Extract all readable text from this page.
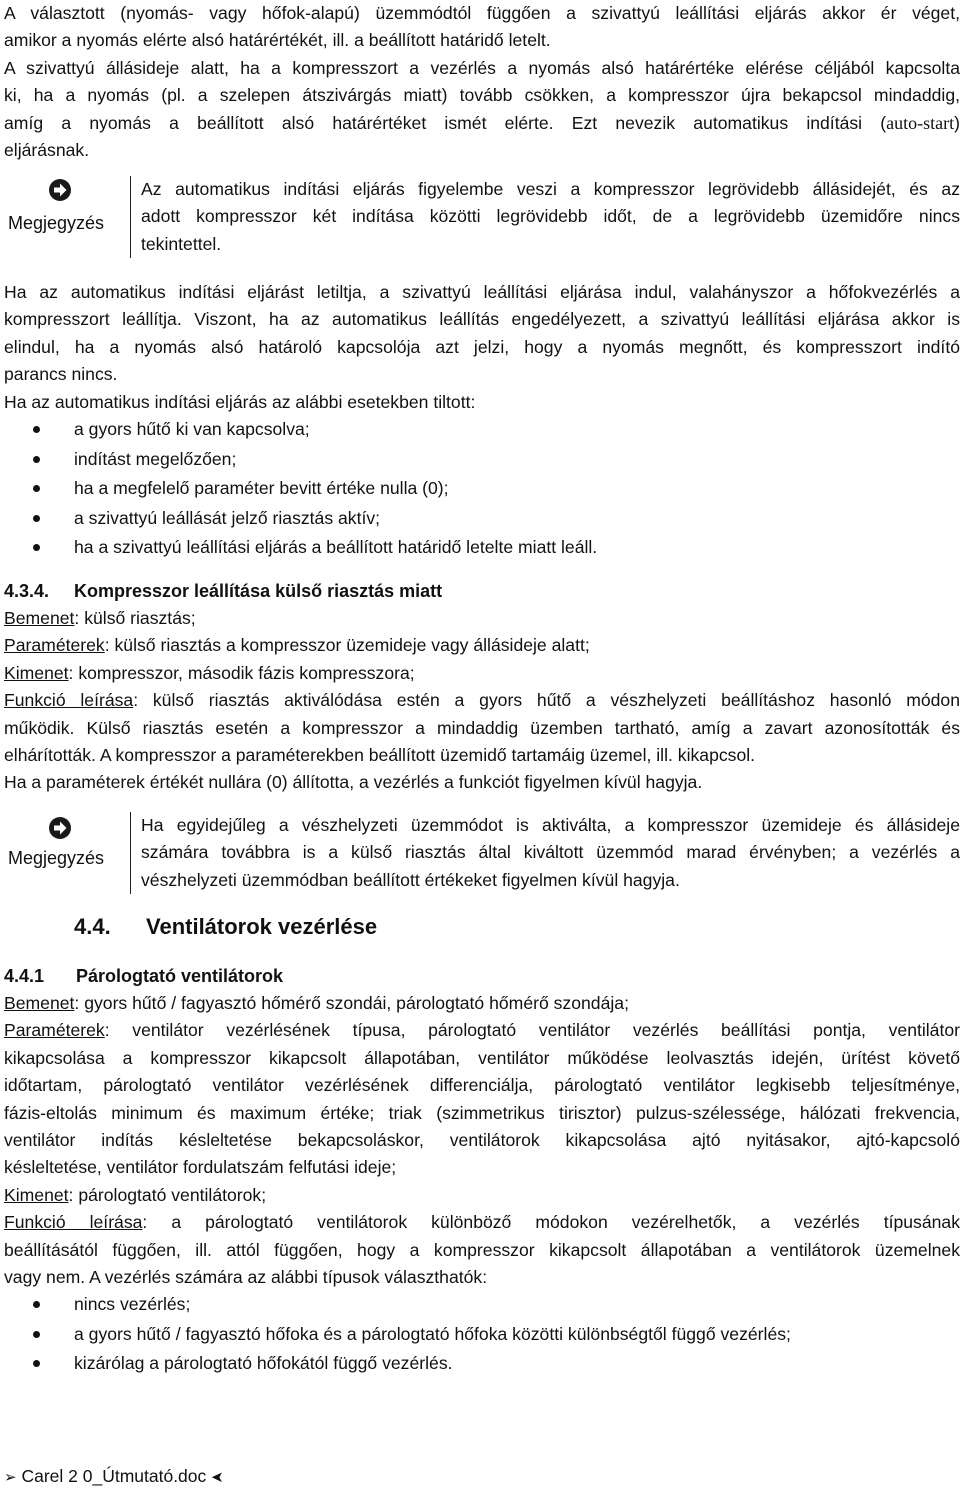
A választott (nyomás- vagy hőfok-alapú) üzemmódtól függően a szivattyú leállítási eljárás akkor ér véget,

amikor a nyomás elérte alsó határértékét, ill. a beállított határidő letelt.

A szivattyú állásideje alatt, ha a kompresszort a vezérlés a nyomás alsó határértéke elérése céljából kapcsolta

ki, ha a nyomás (pl. a szelepen átszivárgás miatt) tovább csökken, a kompresszor újra bekapcsol mindaddig,

amíg a nyomás a beállított alsó határértéket ismét elérte. Ezt nevezik automatikus indítási (auto-start)

eljárásnak.

Megjegyzés

Az automatikus indítási eljárás figyelembe veszi a kompresszor legrövidebb állásidejét, és az

adott kompresszor két indítása közötti legrövidebb időt, de a legrövidebb üzemidőre nincs

tekintettel.

Ha az automatikus indítási eljárást letiltja, a szivattyú leállítási eljárása indul, valahányszor a hőfokvezérlés a

kompresszort leállítja. Viszont, ha az automatikus leállítás engedélyezett, a szivattyú leállítási eljárása akkor is

elindul, ha a nyomás alsó határoló kapcsolója azt jelzi, hogy a nyomás megnőtt, és kompresszort indító

parancs nincs.

Ha az automatikus indítási eljárás az alábbi esetekben tiltott:

a gyors hűtő ki van kapcsolva;
indítást megelőzően;
ha a megfelelő paraméter bevitt értéke nulla (0);
a szivattyú leállását jelző riasztás aktív;
ha a szivattyú leállítási eljárás a beállított határidő letelte miatt leáll.

4.3.4. Kompresszor leállítása külső riasztás miatt

Bemenet: külső riasztás;

Paraméterek: külső riasztás a kompresszor üzemideje vagy állásideje alatt;

Kimenet: kompresszor, második fázis kompresszora;

Funkció leírása: külső riasztás aktiválódása estén a gyors hűtő a vészhelyzeti beállításhoz hasonló módon

működik. Külső riasztás esetén a kompresszor a mindaddig üzemben tartható, amíg a zavart azonosították és

elhárították. A kompresszor a paraméterekben beállított üzemidő tartamáig üzemel, ill. kikapcsol.

Ha a paraméterek értékét nullára (0) állította, a vezérlés a funkciót figyelmen kívül hagyja.

Megjegyzés

Ha egyidejűleg a vészhelyzeti üzemmódot is aktiválta, a kompresszor üzemideje és állásideje

számára továbbra is a külső riasztás által kiváltott üzemmód marad érvényben; a vezérlés a

vészhelyzeti üzemmódban beállított értékeket figyelmen kívül hagyja.

4.4. Ventilátorok vezérlése

4.4.1 Párologtató ventilátorok

Bemenet: gyors hűtő / fagyasztó hőmérő szondái, párologtató hőmérő szondája;

Paraméterek: ventilátor vezérlésének típusa, párologtató ventilátor vezérlés beállítási pontja, ventilátor

kikapcsolása a kompresszor kikapcsolt állapotában, ventilátor működése leolvasztás idején, ürítést követő

időtartam, párologtató ventilátor vezérlésének differenciálja, párologtató ventilátor legkisebb teljesítménye,

fázis-eltolás minimum és maximum értéke; triak (szimmetrikus tirisztor) pulzus-szélessége, hálózati frekvencia,

ventilátor indítás késleltetése bekapcsoláskor, ventilátorok kikapcsolása ajtó nyitásakor, ajtó-kapcsoló

késleltetése, ventilátor fordulatszám felfutási ideje;

Kimenet: párologtató ventilátorok;

Funkció leírása: a párologtató ventilátorok különböző módokon vezérelhetők, a vezérlés típusának

beállításától függően, ill. attól függően, hogy a kompresszor kikapcsolt állapotában a ventilátorok üzemelnek

vagy nem. A vezérlés számára az alábbi típusok választhatók:

nincs vezérlés;
a gyors hűtő / fagyasztó hőfoka és a párologtató hőfoka közötti különbségtől függő vezérlés;
kizárólag a párologtató hőfokától függő vezérlés.
➢ Carel 2 0_Útmutató.doc ➤
